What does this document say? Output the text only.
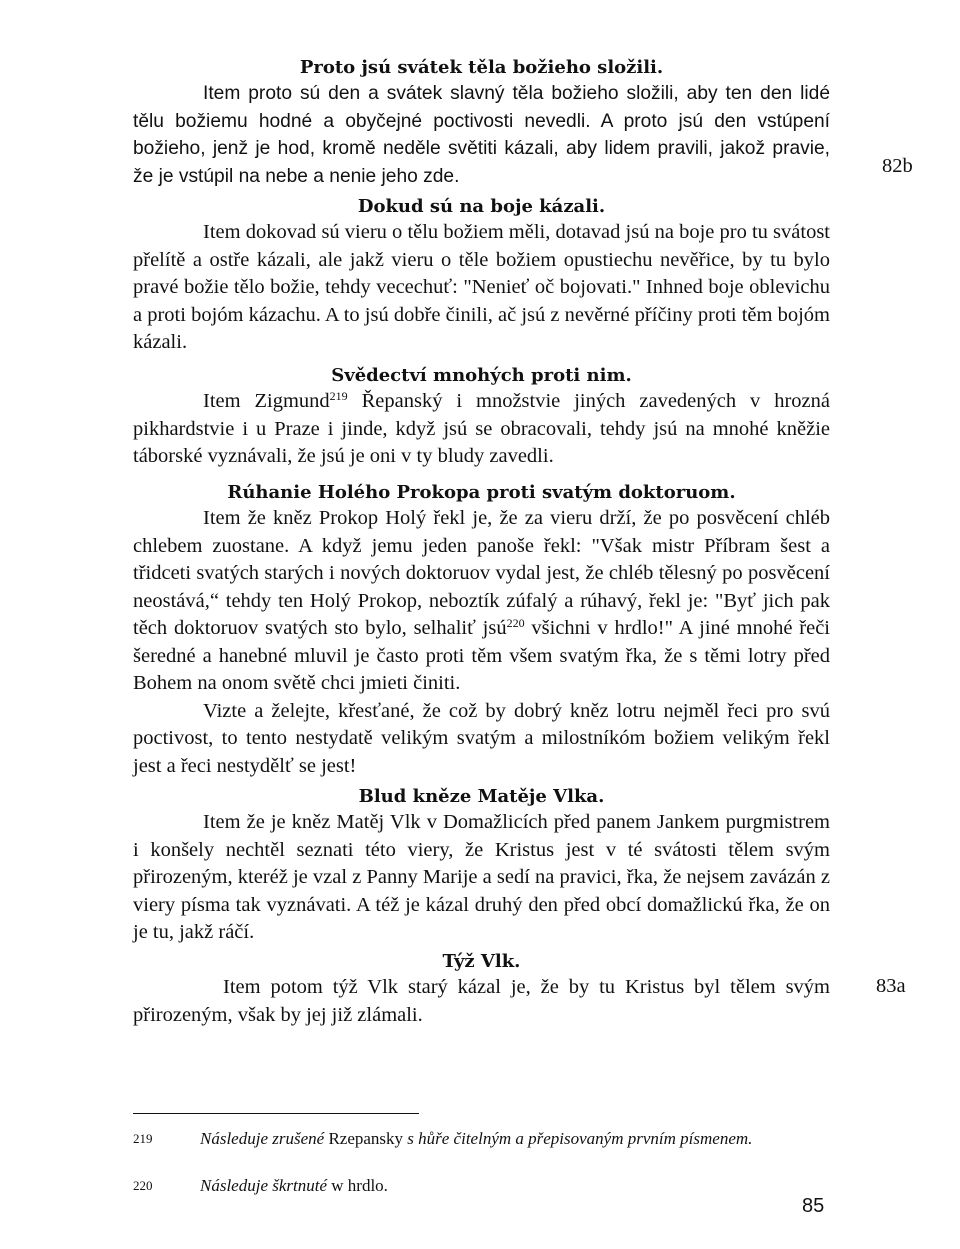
Proto jsú svátek těla božieho složili.

Item proto sú den a svátek slavný těla božieho složili, aby ten den lidé tělu božiemu hodné a obyčejné poctivosti nevedli. A proto jsú den vstúpení božieho, jenž je hod, kromě neděle světiti kázali, aby lidem pravili, jakož pravie, že je vstúpil na nebe a nenie jeho zde.	82b
Dokud sú na boje kázali.

Item dokovad sú vieru o tělu božiem měli, dotavad jsú na boje pro tu svátost přelítě a ostře kázali, ale jakž vieru o těle božiem opustiechu nevěřice, by tu bylo pravé božie tělo božie, tehdy vecechuť: "Nenieť oč bojovati." Inhned boje oblevichu a proti bojóm kázachu. A to jsú dobře činili, ač jsú z nevěrné příčiny proti těm bojóm kázali.

Svědectví mnohých proti nim.

Item Zigmund$^{219}$ Řepanský i množstvie jiných zavedených v hrozná pikhardstvie i u Praze i jinde, když jsú se obracovali, tehdy jsú na mnohé kněžie táborské vyznávali, že jsú je oni v ty bludy zavedli.

Rúhanie Holého Prokopa proti svatým doktoruom.

Item že kněz Prokop Holý řekl je, že za vieru drží, že po posvěcení chléb chlebem zuostane. A když jemu jeden panoše řekl: "Však mistr Příbram šest a třidceti svatých starých i nových doktoruov vydal jest, že chléb tělesný po posvěcení neostává,“ tehdy ten Holý Prokop, neboztík zúfalý a rúhavý, řekl je: "Byť jich pak těch doktoruov svatých sto bylo, selhaliť jsú$^{220}$ všichni v hrdlo!" A jiné mnohé řeči šeredné a hanebné mluvil je často proti těm všem svatým řka, že s těmi lotry před Bohem na onom světě chci jmieti činiti.

Vizte a želejte, křesťané, že což by dobrý kněz lotru nejměl řeci pro svú poctivost, to tento nestydatě velikým svatým a milostníkóm božiem velikým řekl jest a řeci nestydělť se jest!

Blud kněze Matěje Vlka.

Item že je kněz Matěj Vlk v Domažlicích před panem Jankem purgmistrem i konšely nechtěl seznati této viery, že Kristus jest v té svátosti tělem svým přirozeným, kteréž je vzal z Panny Marije a sedí na pravici, řka, že nejsem zavázán z viery písma tak vyznávati. A též je kázal druhý den před obcí domažlickú řka, že on je tu, jakž ráčí.

Týž Vlk.

Item potom týž Vlk starý kázal je, že by tu Kristus byl tělem svým přirozeným, však by jej již zlámali.

83a
219	Následuje zrušené Rzepansky s hůře čitelným a přepisovaným prvním písmenem.
220	Následuje škrtnuté w hrdlo.
85
